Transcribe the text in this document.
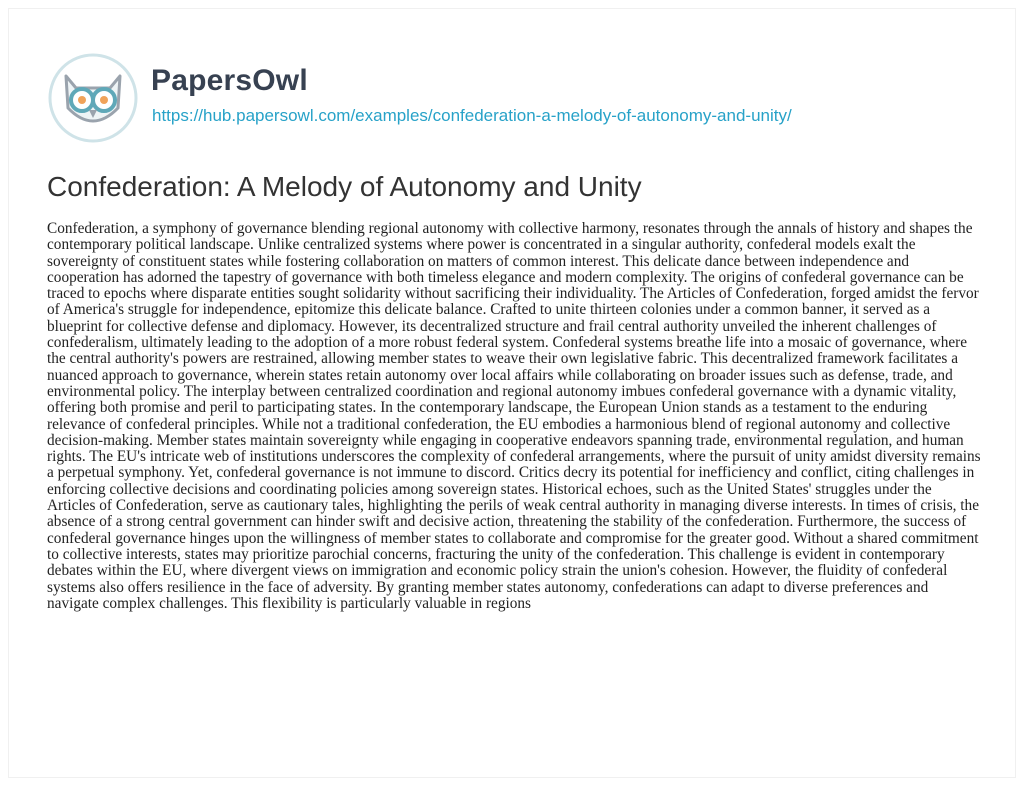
PapersOwl
https://hub.papersowl.com/examples/confederation-a-melody-of-autonomy-and-unity/
Confederation: A Melody of Autonomy and Unity

Confederation, a symphony of governance blending regional autonomy with collective harmony, resonates through the annals of history and shapes the contemporary political landscape. Unlike centralized systems where power is concentrated in a singular authority, confederal models exalt the sovereignty of constituent states while fostering collaboration on matters of common interest. This delicate dance between independence and cooperation has adorned the tapestry of governance with both timeless elegance and modern complexity. The origins of confederal governance can be traced to epochs where disparate entities sought solidarity without sacrificing their individuality. The Articles of Confederation, forged amidst the fervor of America's struggle for independence, epitomize this delicate balance. Crafted to unite thirteen colonies under a common banner, it served as a blueprint for collective defense and diplomacy. However, its decentralized structure and frail central authority unveiled the inherent challenges of confederalism, ultimately leading to the adoption of a more robust federal system. Confederal systems breathe life into a mosaic of governance, where the central authority's powers are restrained, allowing member states to weave their own legislative fabric. This decentralized framework facilitates a nuanced approach to governance, wherein states retain autonomy over local affairs while collaborating on broader issues such as defense, trade, and environmental policy. The interplay between centralized coordination and regional autonomy imbues confederal governance with a dynamic vitality, offering both promise and peril to participating states. In the contemporary landscape, the European Union stands as a testament to the enduring relevance of confederal principles. While not a traditional confederation, the EU embodies a harmonious blend of regional autonomy and collective decision-making. Member states maintain sovereignty while engaging in cooperative endeavors spanning trade, environmental regulation, and human rights. The EU's intricate web of institutions underscores the complexity of confederal arrangements, where the pursuit of unity amidst diversity remains a perpetual symphony. Yet, confederal governance is not immune to discord. Critics decry its potential for inefficiency and conflict, citing challenges in enforcing collective decisions and coordinating policies among sovereign states. Historical echoes, such as the United States' struggles under the Articles of Confederation, serve as cautionary tales, highlighting the perils of weak central authority in managing diverse interests. In times of crisis, the absence of a strong central government can hinder swift and decisive action, threatening the stability of the confederation. Furthermore, the success of confederal governance hinges upon the willingness of member states to collaborate and compromise for the greater good. Without a shared commitment to collective interests, states may prioritize parochial concerns, fracturing the unity of the confederation. This challenge is evident in contemporary debates within the EU, where divergent views on immigration and economic policy strain the union's cohesion. However, the fluidity of confederal systems also offers resilience in the face of adversity. By granting member states autonomy, confederations can adapt to diverse preferences and navigate complex challenges. This flexibility is particularly valuable in regions
